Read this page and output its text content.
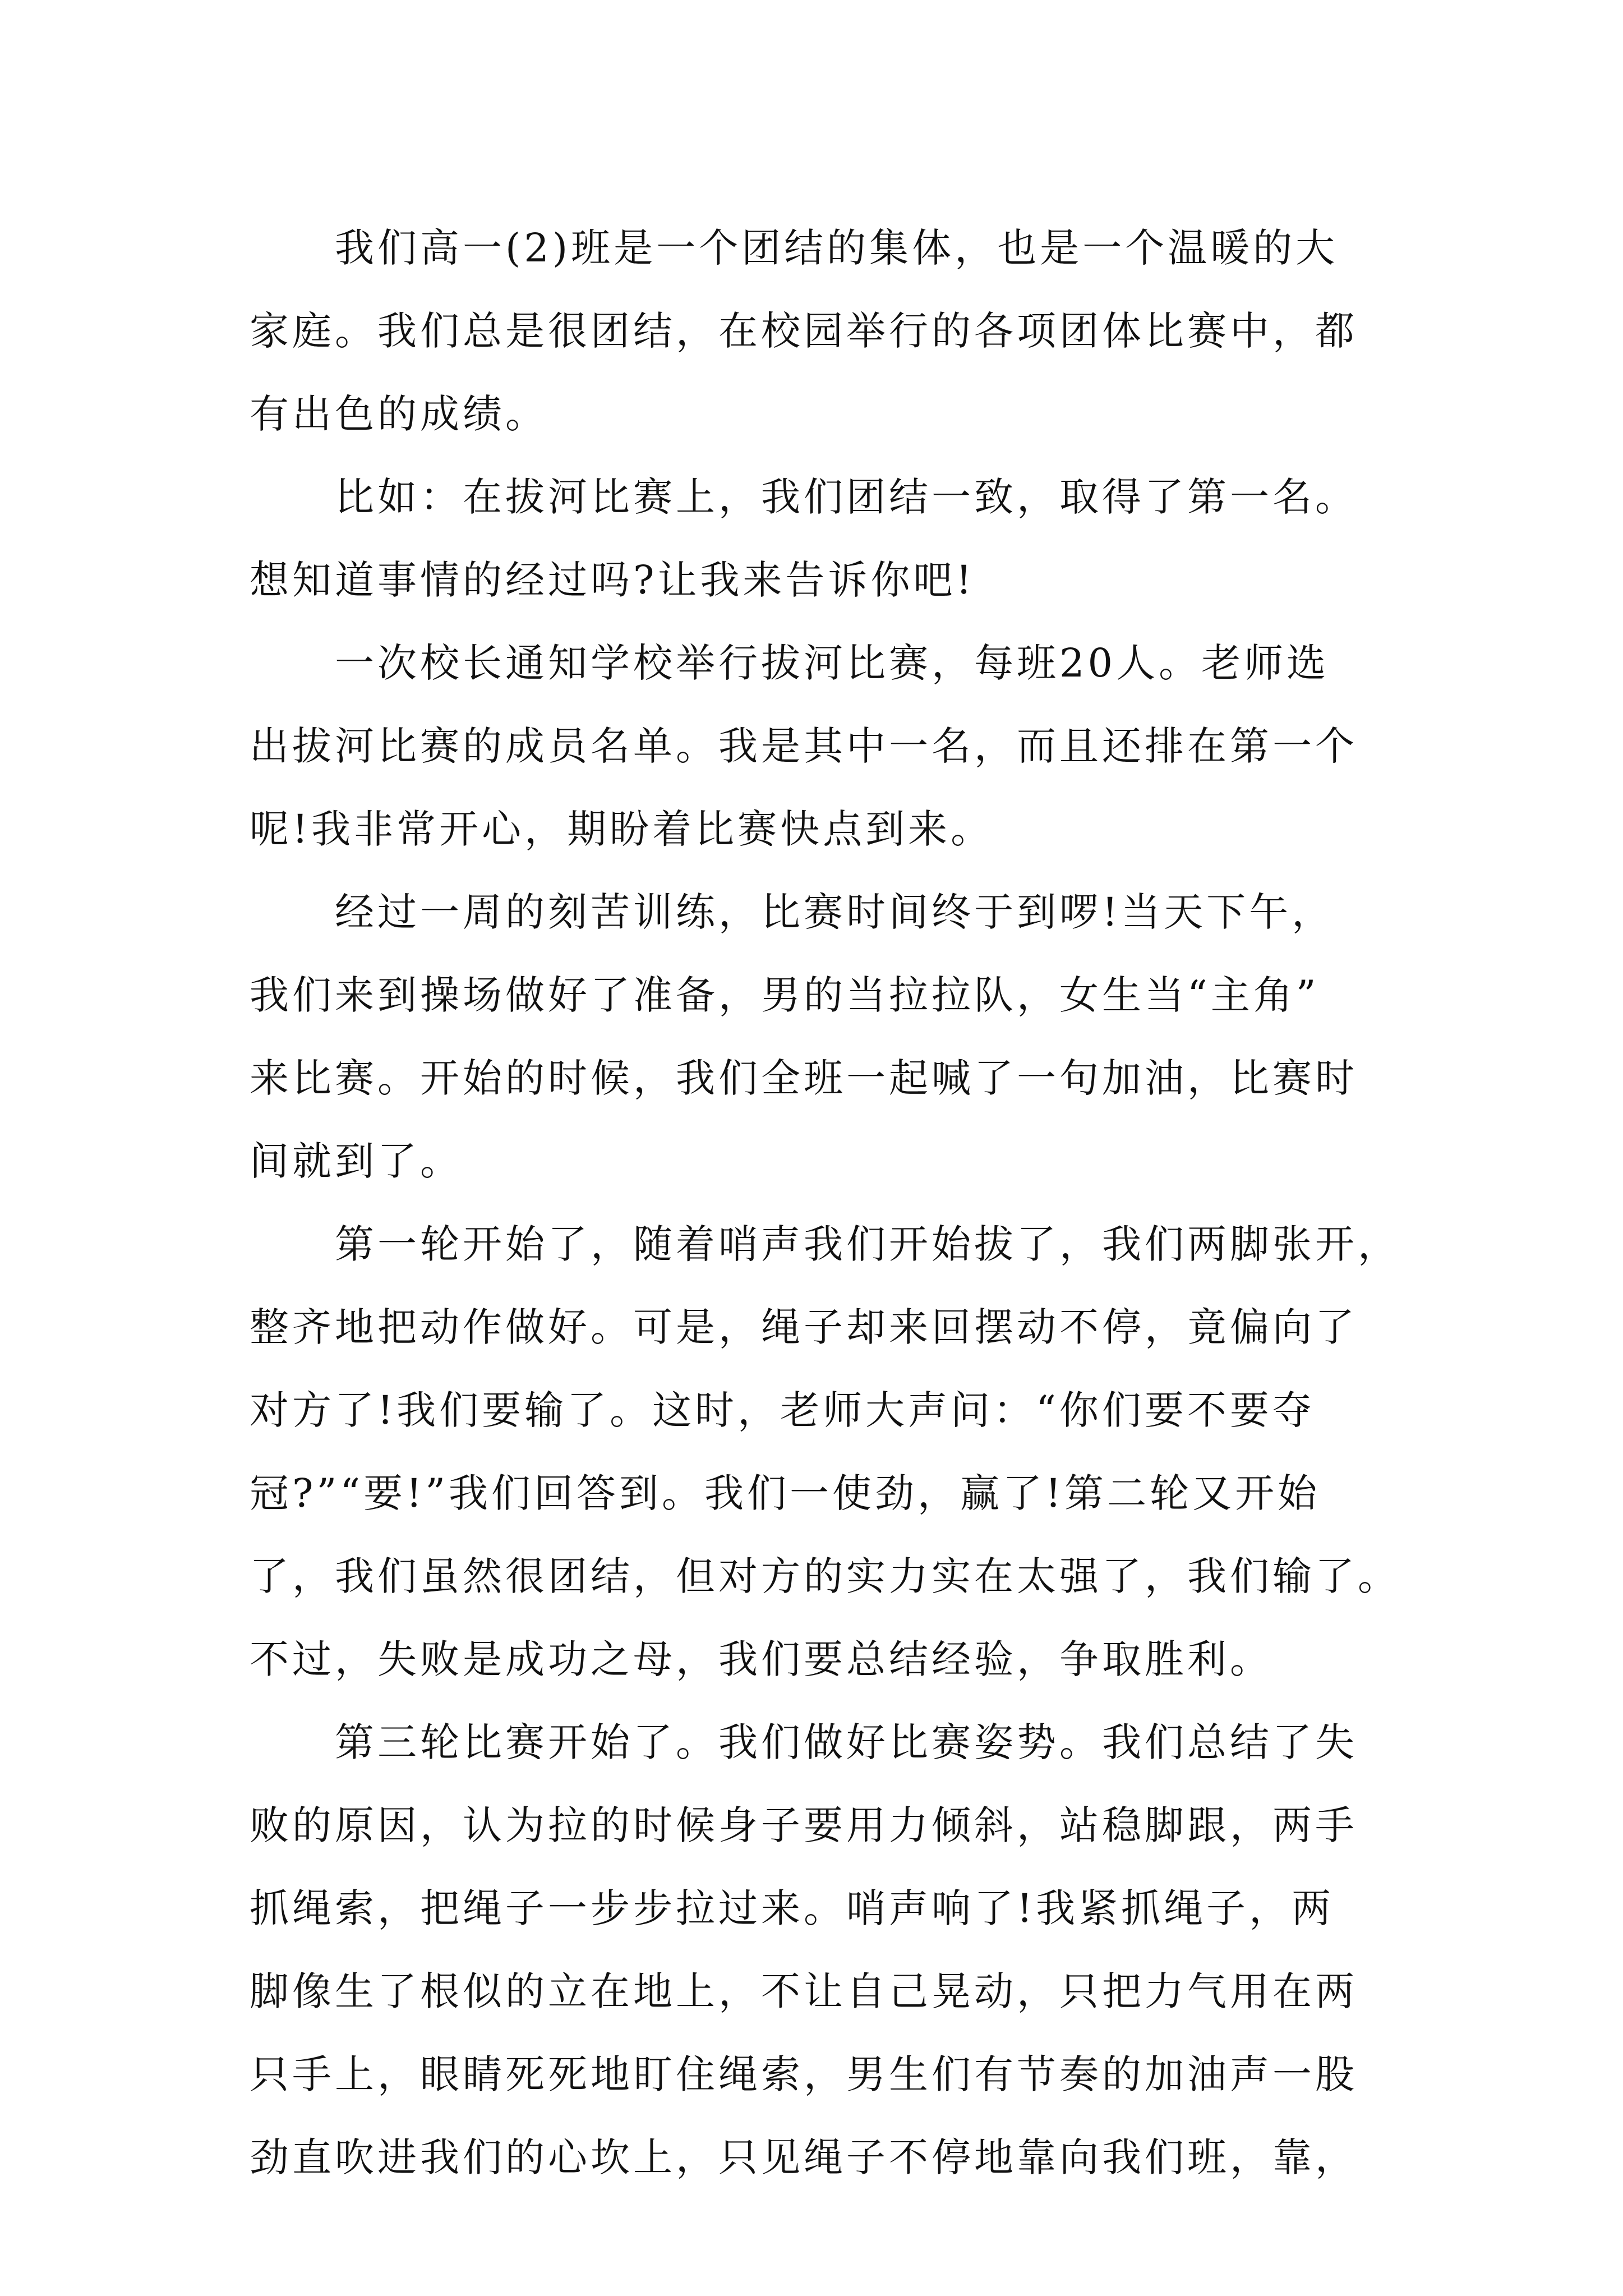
我们高一(2)班是一个团结的集体，也是一个温暖的大
家庭。我们总是很团结，在校园举行的各项团体比赛中，都
有出色的成绩。
比如：在拔河比赛上，我们团结一致，取得了第一名。
想知道事情的经过吗?让我来告诉你吧!
一次校长通知学校举行拔河比赛，每班20人。老师选
出拔河比赛的成员名单。我是其中一名，而且还排在第一个
呢!我非常开心，期盼着比赛快点到来。
经过一周的刻苦训练，比赛时间终于到啰!当天下午，
我们来到操场做好了准备，男的当拉拉队，女生当“主角”
来比赛。开始的时候，我们全班一起喊了一句加油，比赛时
间就到了。
第一轮开始了，随着哨声我们开始拔了，我们两脚张开，
整齐地把动作做好。可是，绳子却来回摆动不停，竟偏向了
对方了!我们要输了。这时，老师大声问：“你们要不要夺
冠?”“要!”我们回答到。我们一使劲，赢了!第二轮又开始
了，我们虽然很团结，但对方的实力实在太强了，我们输了。
不过，失败是成功之母，我们要总结经验，争取胜利。
第三轮比赛开始了。我们做好比赛姿势。我们总结了失
败的原因，认为拉的时候身子要用力倾斜，站稳脚跟，两手
抓绳索，把绳子一步步拉过来。哨声响了!我紧抓绳子，两
脚像生了根似的立在地上，不让自己晃动，只把力气用在两
只手上，眼睛死死地盯住绳索，男生们有节奏的加油声一股
劲直吹进我们的心坎上，只见绳子不停地靠向我们班，靠，
